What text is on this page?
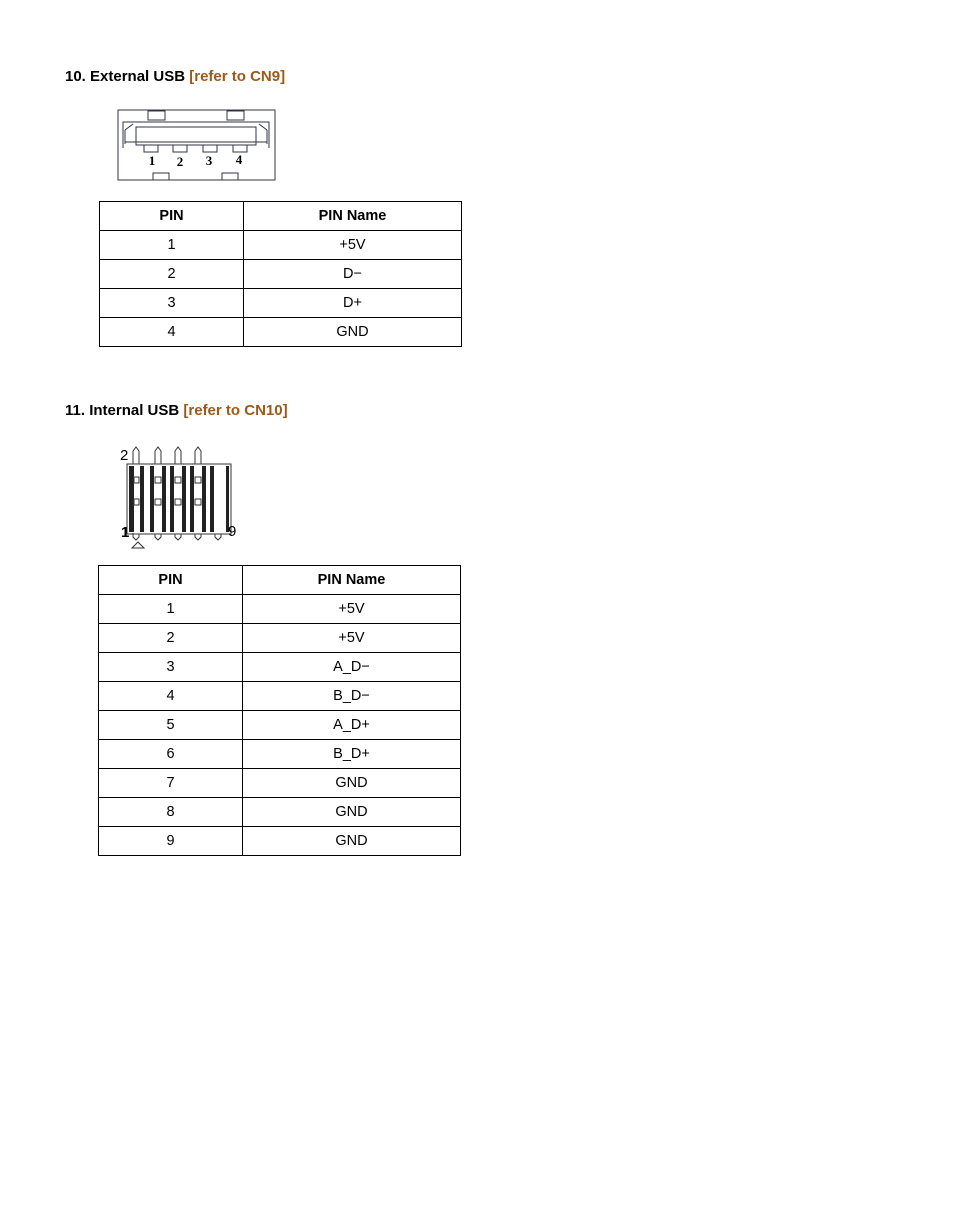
10. External USB [refer to CN9]
1 2 3 4
PIN	PIN Name
1	+5V
2	D−
3	D+
4	GND
11. Internal USB [refer to CN10]
2
1	9
PIN	PIN Name
1	+5V
2	+5V
3	A_D−
4	B_D−
5	A_D+
6	B_D+
7	GND
8	GND
9	GND
